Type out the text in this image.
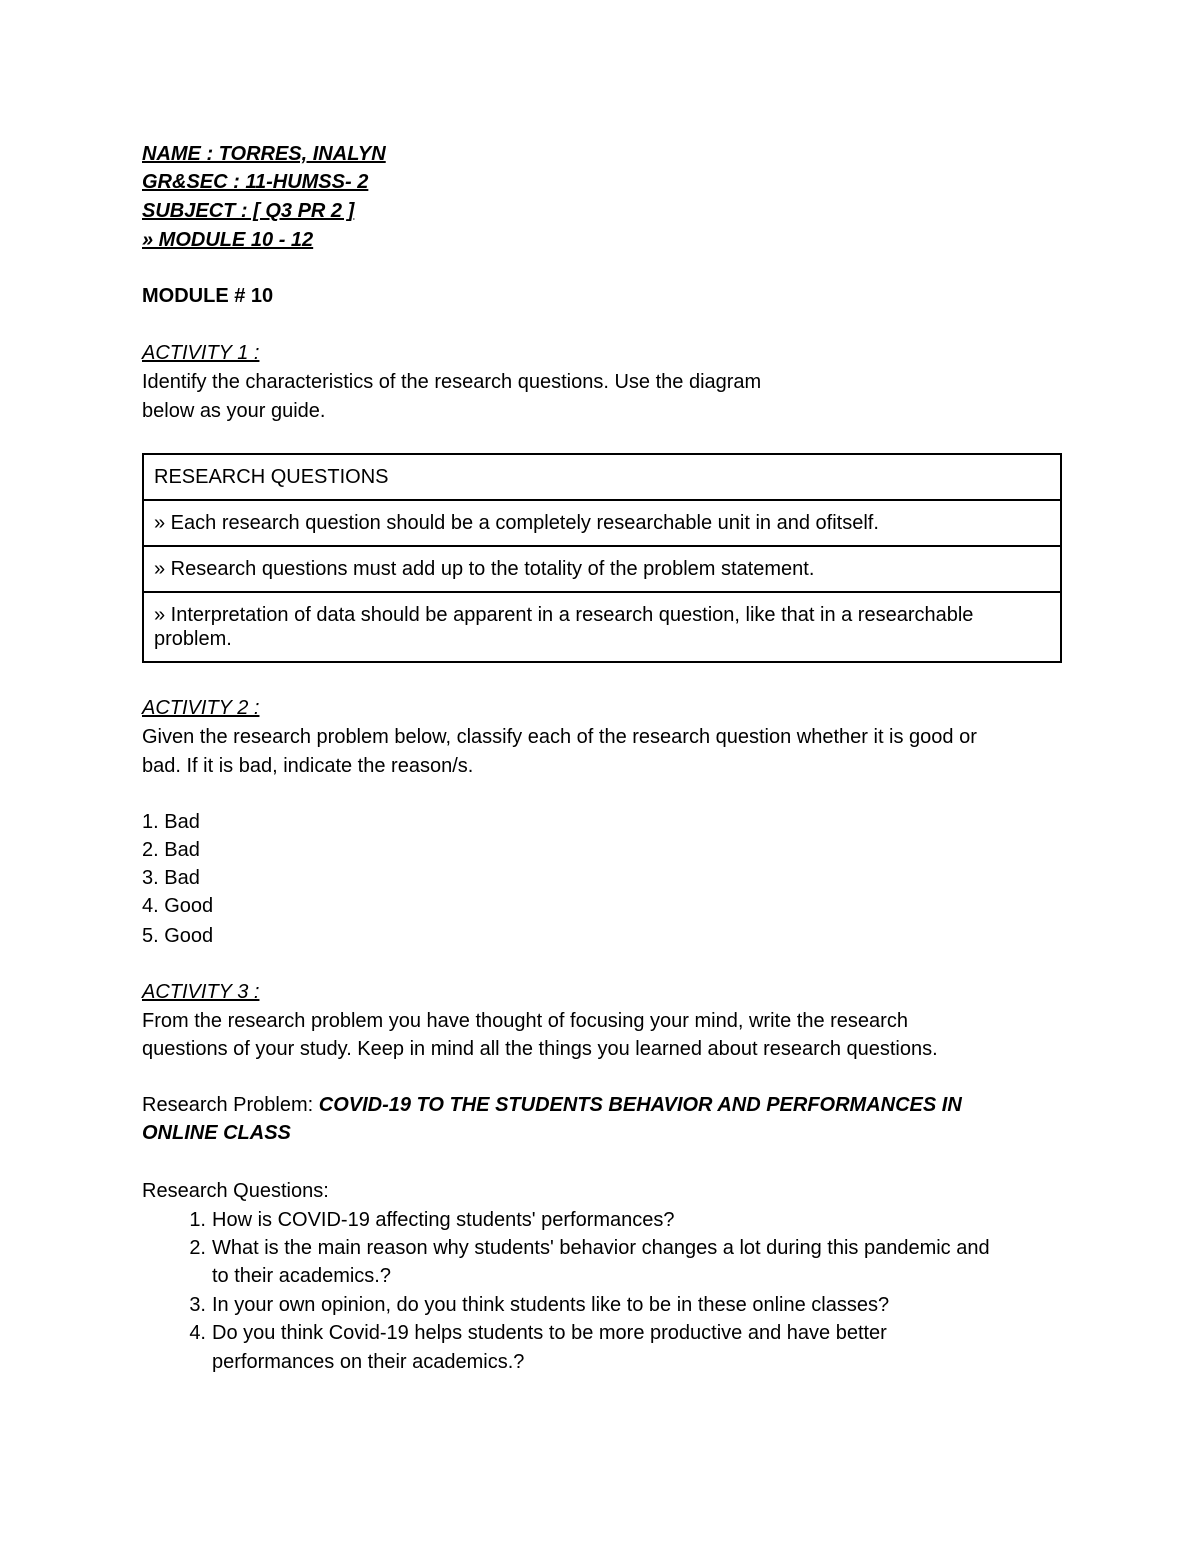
NAME : TORRES, INALYN
GR&SEC : 11-HUMSS- 2
SUBJECT : [ Q3 PR 2 ]
» MODULE 10 - 12
MODULE # 10
ACTIVITY 1 :
Identify the characteristics of the research questions. Use the diagram
below as your guide.
RESEARCH QUESTIONS
» Each research question should be a completely researchable unit in and ofitself.
» Research questions must add up to the totality of the problem statement.
» Interpretation of data should be apparent in a research question, like that in a researchable problem.
ACTIVITY 2 :
Given the research problem below, classify each of the research question whether it is good or
bad. If it is bad, indicate the reason/s.
1. Bad
2. Bad
3. Bad
4. Good
5. Good
ACTIVITY 3 :
From the research problem you have thought of focusing your mind, write the research
questions of your study. Keep in mind all the things you learned about research questions.
Research Problem: COVID-19 TO THE STUDENTS BEHAVIOR AND PERFORMANCES IN
ONLINE CLASS
Research Questions:
1. How is COVID-19 affecting students' performances?
2. What is the main reason why students' behavior changes a lot during this pandemic and
to their academics.?
3. In your own opinion, do you think students like to be in these online classes?
4. Do you think Covid-19 helps students to be more productive and have better
performances on their academics.?
